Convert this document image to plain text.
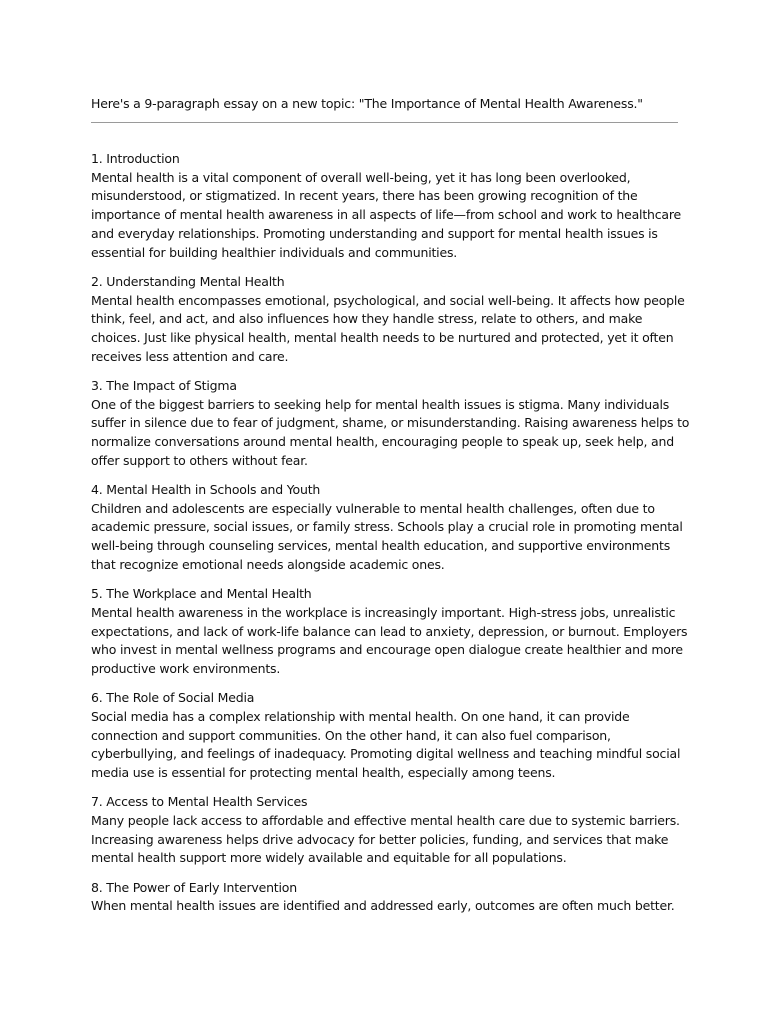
Here's a 9-paragraph essay on a new topic: "The Importance of Mental Health Awareness."
1. Introduction
Mental health is a vital component of overall well-being, yet it has long been overlooked, misunderstood, or stigmatized. In recent years, there has been growing recognition of the importance of mental health awareness in all aspects of life—from school and work to healthcare and everyday relationships. Promoting understanding and support for mental health issues is essential for building healthier individuals and communities.
2. Understanding Mental Health
Mental health encompasses emotional, psychological, and social well-being. It affects how people think, feel, and act, and also influences how they handle stress, relate to others, and make choices. Just like physical health, mental health needs to be nurtured and protected, yet it often receives less attention and care.
3. The Impact of Stigma
One of the biggest barriers to seeking help for mental health issues is stigma. Many individuals suffer in silence due to fear of judgment, shame, or misunderstanding. Raising awareness helps to normalize conversations around mental health, encouraging people to speak up, seek help, and offer support to others without fear.
4. Mental Health in Schools and Youth
Children and adolescents are especially vulnerable to mental health challenges, often due to academic pressure, social issues, or family stress. Schools play a crucial role in promoting mental well-being through counseling services, mental health education, and supportive environments that recognize emotional needs alongside academic ones.
5. The Workplace and Mental Health
Mental health awareness in the workplace is increasingly important. High-stress jobs, unrealistic expectations, and lack of work-life balance can lead to anxiety, depression, or burnout. Employers who invest in mental wellness programs and encourage open dialogue create healthier and more productive work environments.
6. The Role of Social Media
Social media has a complex relationship with mental health. On one hand, it can provide connection and support communities. On the other hand, it can also fuel comparison, cyberbullying, and feelings of inadequacy. Promoting digital wellness and teaching mindful social media use is essential for protecting mental health, especially among teens.
7. Access to Mental Health Services
Many people lack access to affordable and effective mental health care due to systemic barriers. Increasing awareness helps drive advocacy for better policies, funding, and services that make mental health support more widely available and equitable for all populations.
8. The Power of Early Intervention
When mental health issues are identified and addressed early, outcomes are often much better.
